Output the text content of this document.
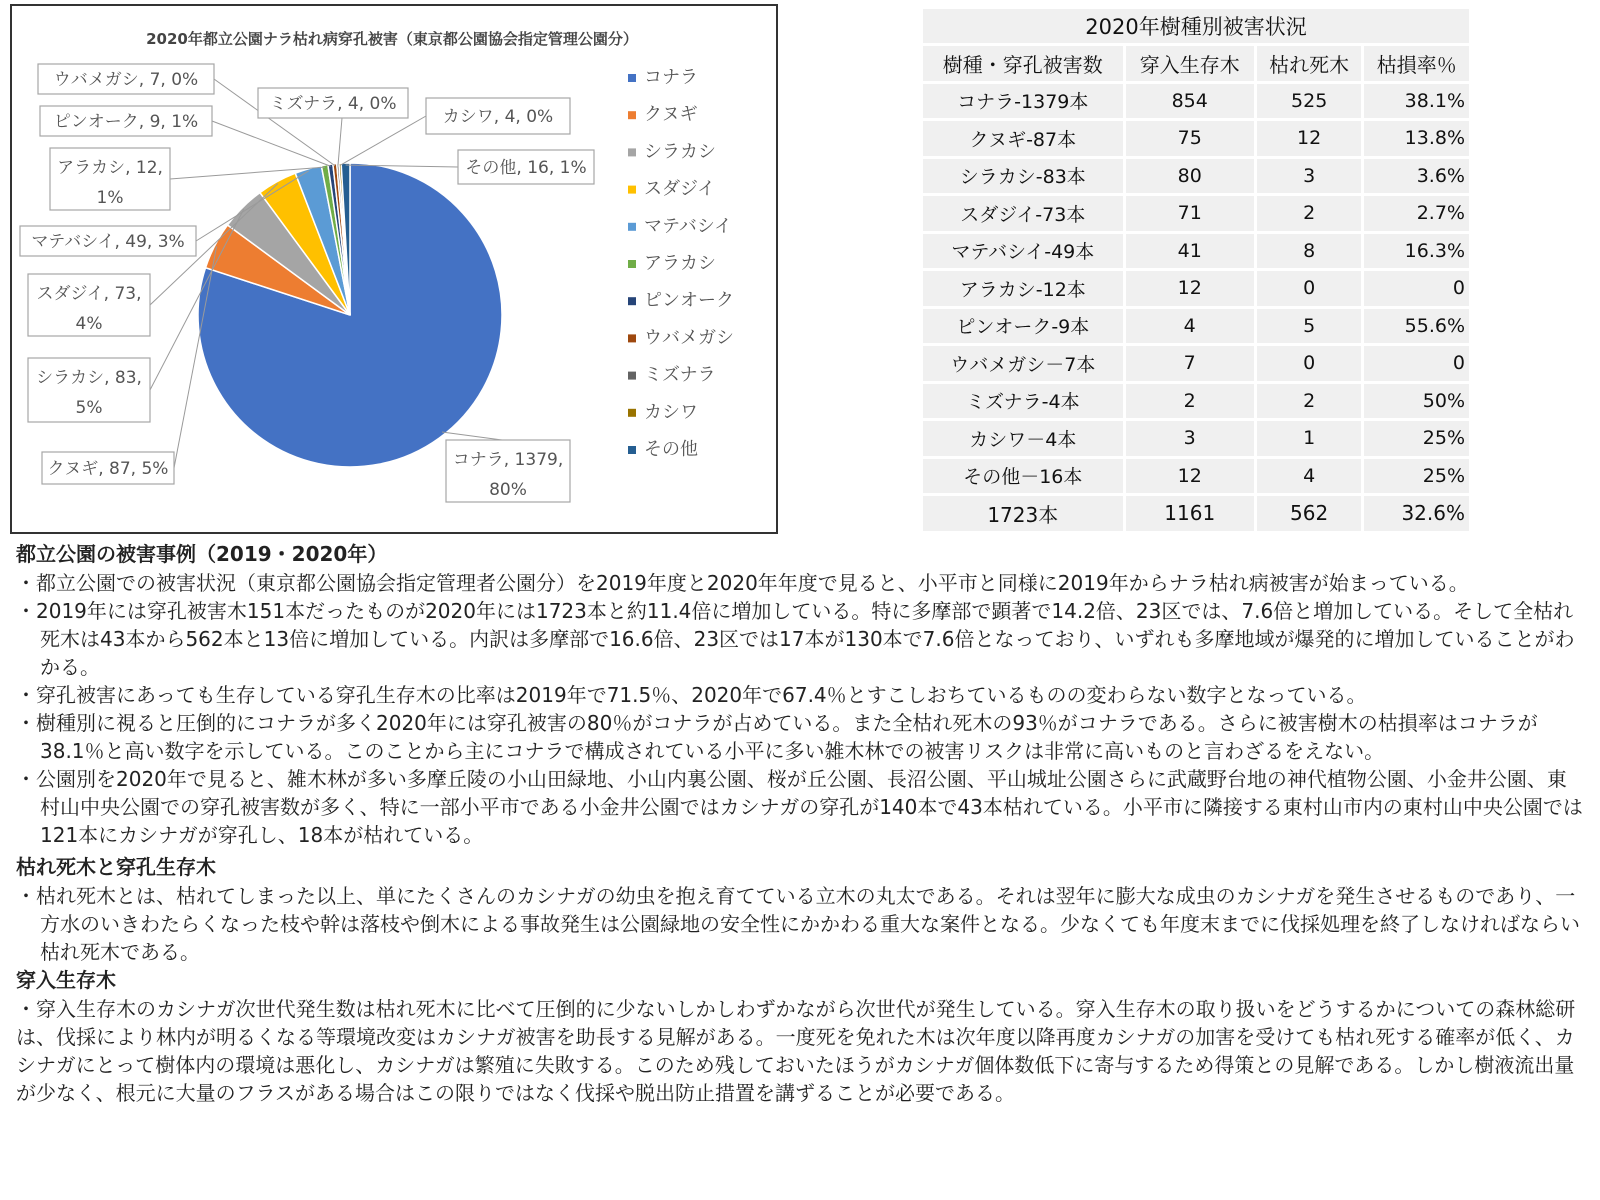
2020年都立公園ナラ枯れ病穿孔被害（東京都公園協会指定管理公園分）
コナラ, 1379, 80%
クヌギ, 87, 5%
シラカシ, 83, 5%
スダジイ, 73, 4%
マテバシイ, 49, 3%
アラカシ, 12, 1%
ピンオーク, 9, 1%
ウバメガシ, 7, 0%
ミズナラ, 4, 0%
カシワ, 4, 0%
その他, 16, 1%
コナラ
クヌギ
シラカシ
スダジイ
マテバシイ
アラカシ
ピンオーク
ウバメガシ
ミズナラ
カシワ
その他
2020年樹種別被害状況			
樹種・穿孔被害数	穿入生存木	枯れ死木	枯損率％
コナラ-1379本	854	525	38.1%
クヌギ-87本	75	12	13.8%
シラカシ-83本	80	3	3.6%
スダジイ-73本	71	2	2.7%
マテバシイ-49本	41	8	16.3%
アラカシ-12本	12	0	0
ピンオーク-9本	4	5	55.6%
ウバメガシ－7本	7	0	0
ミズナラ-4本	2	2	50%
カシワ－4本	3	1	25%
その他－16本	12	4	25%
1723本	1161	562	32.6%
都立公園の被害事例（2019・2020年）

・都立公園での被害状況（東京都公園協会指定管理者公園分）を2019年度と2020年年度で見ると、小平市と同様に2019年からナラ枯れ病被害が始まっている。

・2019年には穿孔被害木151本だったものが2020年には1723本と約11.4倍に増加している。特に多摩部で顕著で14.2倍、23区では、7.6倍と増加している。そして全枯れ死木は43本から562本と13倍に増加している。内訳は多摩部で16.6倍、23区では17本が130本で7.6倍となっており、いずれも多摩地域が爆発的に増加していることがわかる。

・穿孔被害にあっても生存している穿孔生存木の比率は2019年で71.5％、2020年で67.4％とすこしおちているものの変わらない数字となっている。

・樹種別に視ると圧倒的にコナラが多く2020年には穿孔被害の80％がコナラが占めている。また全枯れ死木の93％がコナラである。さらに被害樹木の枯損率はコナラが38.1％と高い数字を示している。このことから主にコナラで構成されている小平に多い雑木林での被害リスクは非常に高いものと言わざるをえない。

・公園別を2020年で見ると、雑木林が多い多摩丘陵の小山田緑地、小山内裏公園、桜が丘公園、長沼公園、平山城址公園さらに武蔵野台地の神代植物公園、小金井公園、東村山中央公園での穿孔被害数が多く、特に一部小平市である小金井公園ではカシナガの穿孔が140本で43本枯れている。小平市に隣接する東村山市内の東村山中央公園では121本にカシナガが穿孔し、18本が枯れている。

枯れ死木と穿孔生存木

・枯れ死木とは、枯れてしまった以上、単にたくさんのカシナガの幼虫を抱え育てている立木の丸太である。それは翌年に膨大な成虫のカシナガを発生させるものであり、一方水のいきわたらくなった枝や幹は落枝や倒木による事故発生は公園緑地の安全性にかかわる重大な案件となる。少なくても年度末までに伐採処理を終了しなければならい枯れ死木である。

穿入生存木

・穿入生存木のカシナガ次世代発生数は枯れ死木に比べて圧倒的に少ないしかしわずかながら次世代が発生している。穿入生存木の取り扱いをどうするかについての森林総研は、伐採により林内が明るくなる等環境改変はカシナガ被害を助長する見解がある。一度死を免れた木は次年度以降再度カシナガの加害を受けても枯れ死する確率が低く、カシナガにとって樹体内の環境は悪化し、カシナガは繁殖に失敗する。このため残しておいたほうがカシナガ個体数低下に寄与するため得策との見解である。しかし樹液流出量が少なく、根元に大量のフラスがある場合はこの限りではなく伐採や脱出防止措置を講ずることが必要である。
